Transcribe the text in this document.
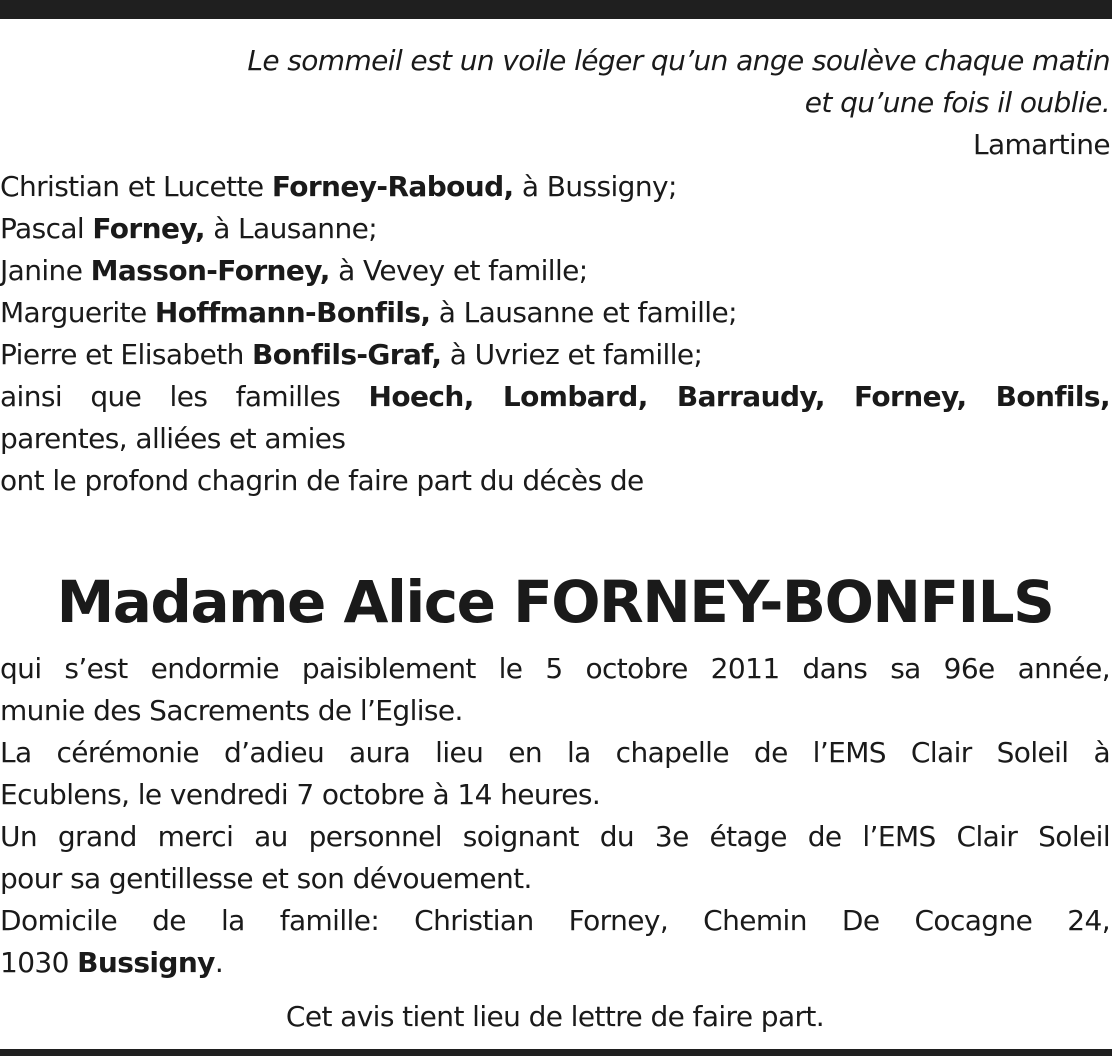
Le sommeil est un voile léger qu’un ange soulève chaque matin
et qu’une fois il oublie.
Lamartine
Christian et Lucette Forney-Raboud, à Bussigny;
Pascal Forney, à Lausanne;
Janine Masson-Forney, à Vevey et famille;
Marguerite Hoffmann-Bonfils, à Lausanne et famille;
Pierre et Elisabeth Bonfils-Graf, à Uvriez et famille;
ainsi que les familles Hoech, Lombard, Barraudy, Forney, Bonfils,
parentes, alliées et amies
ont le profond chagrin de faire part du décès de
Madame Alice FORNEY-BONFILS
qui s’est endormie paisiblement le 5 octobre 2011 dans sa 96e année,
munie des Sacrements de l’Eglise.
La cérémonie d’adieu aura lieu en la chapelle de l’EMS Clair Soleil à
Ecublens, le vendredi 7 octobre à 14 heures.
Un grand merci au personnel soignant du 3e étage de l’EMS Clair Soleil
pour sa gentillesse et son dévouement.
Domicile de la famille: Christian Forney, Chemin De Cocagne 24,
1030 Bussigny.
Cet avis tient lieu de lettre de faire part.
